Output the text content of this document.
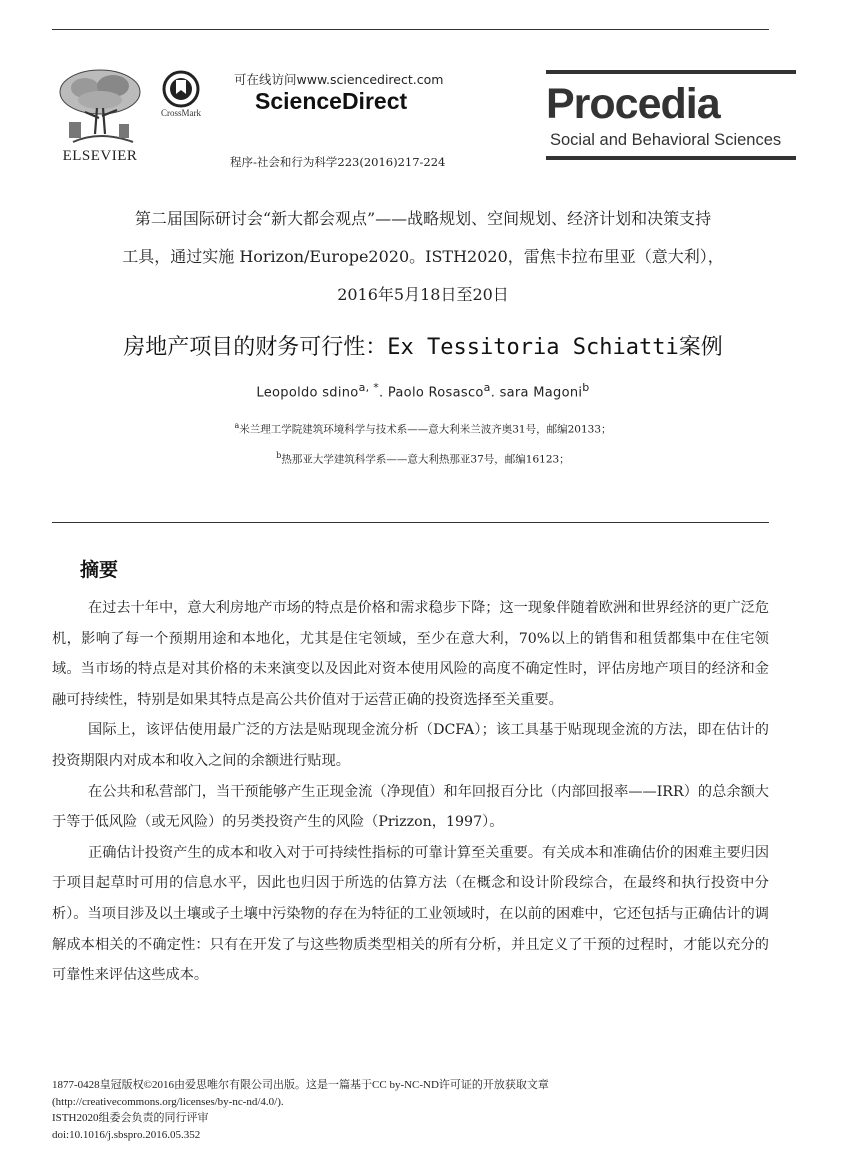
ELSEVIER
CrossMark
可在线访问www.sciencedirect.com
ScienceDirect
程序-社会和行为科学223(2016)217-224
Procedia
Social and Behavioral Sciences
第二届国际研讨会“新大都会观点”——战略规划、空间规划、经济计划和决策支持
工具，通过实施 Horizon/Europe2020。ISTH2020，雷焦卡拉布里亚（意大利），
2016年5月18日至20日
房地产项目的财务可行性：Ex Tessitoria Schiatti案例
Leopoldo sdino$^{a, *}$. Paolo Rosasco$^a$. sara Magoni$^b$
$^a$米兰理工学院建筑环境科学与技术系——意大利米兰波齐奥31号，邮编20133；
$^b$热那亚大学建筑科学系——意大利热那亚37号，邮编16123；
摘要

在过去十年中，意大利房地产市场的特点是价格和需求稳步下降；这一现象伴随着欧洲和世界经济的更广泛危机，影响了每一个预期用途和本地化，尤其是住宅领域，至少在意大利，70%以上的销售和租赁都集中在住宅领域。当市场的特点是对其价格的未来演变以及因此对资本使用风险的高度不确定性时，评估房地产项目的经济和金融可持续性，特别是如果其特点是高公共价值对于运营正确的投资选择至关重要。

国际上，该评估使用最广泛的方法是贴现现金流分析（DCFA）；该工具基于贴现现金流的方法，即在估计的投资期限内对成本和收入之间的余额进行贴现。

在公共和私营部门，当干预能够产生正现金流（净现值）和年回报百分比（内部回报率——IRR）的总余额大于等于低风险（或无风险）的另类投资产生的风险（Prizzon，1997）。

正确估计投资产生的成本和收入对于可持续性指标的可靠计算至关重要。有关成本和准确估价的困难主要归因于项目起草时可用的信息水平，因此也归因于所选的估算方法（在概念和设计阶段综合，在最终和执行投资中分析）。当项目涉及以土壤或子土壤中污染物的存在为特征的工业领域时，在以前的困难中，它还包括与正确估计的调解成本相关的不确定性：只有在开发了与这些物质类型相关的所有分析，并且定义了干预的过程时，才能以充分的可靠性来评估这些成本。

1877-0428皇冠版权©2016由爱思唯尔有限公司出版。这是一篇基于CC by-NC-ND许可证的开放获取文章
(http://creativecommons.org/licenses/by-nc-nd/4.0/).
ISTH2020组委会负责的同行评审
doi:10.1016/j.sbspro.2016.05.352
